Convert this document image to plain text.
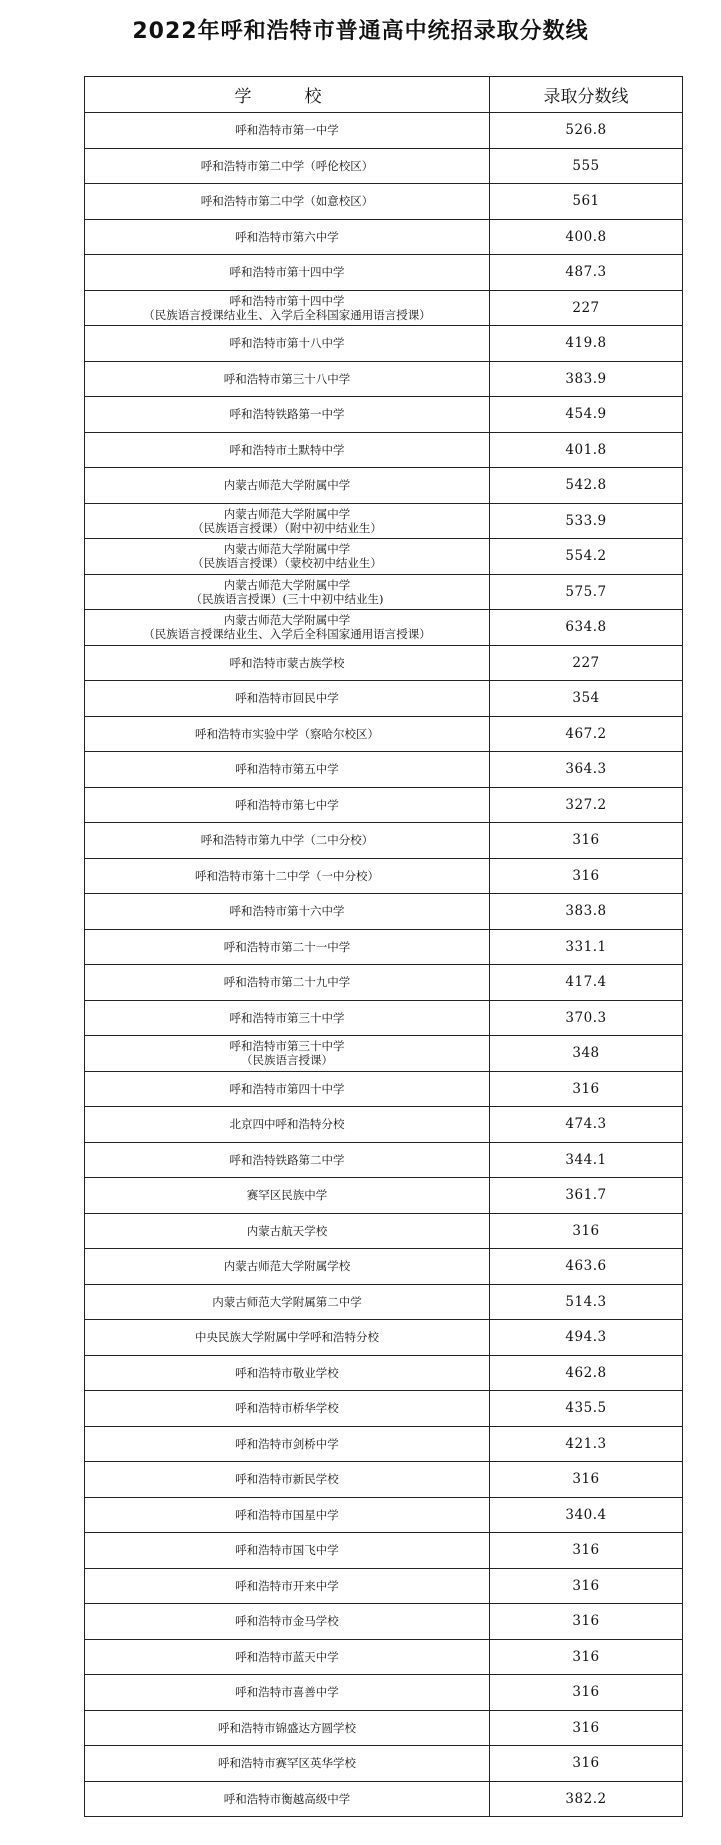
2022年呼和浩特市普通高中统招录取分数线
学　校	录取分数线
呼和浩特市第一中学	526.8
呼和浩特市第二中学（呼伦校区）	555
呼和浩特市第二中学（如意校区）	561
呼和浩特市第六中学	400.8
呼和浩特市第十四中学	487.3
呼和浩特市第十四中学
（民族语言授课结业生、入学后全科国家通用语言授课）	227
呼和浩特市第十八中学	419.8
呼和浩特市第三十八中学	383.9
呼和浩特铁路第一中学	454.9
呼和浩特市土默特中学	401.8
内蒙古师范大学附属中学	542.8
内蒙古师范大学附属中学
（民族语言授课）（附中初中结业生）	533.9
内蒙古师范大学附属中学
（民族语言授课）（蒙校初中结业生）	554.2
内蒙古师范大学附属中学
（民族语言授课）(三十中初中结业生)	575.7
内蒙古师范大学附属中学
（民族语言授课结业生、入学后全科国家通用语言授课）	634.8
呼和浩特市蒙古族学校	227
呼和浩特市回民中学	354
呼和浩特市实验中学（察哈尔校区）	467.2
呼和浩特市第五中学	364.3
呼和浩特市第七中学	327.2
呼和浩特市第九中学（二中分校）	316
呼和浩特市第十二中学（一中分校）	316
呼和浩特市第十六中学	383.8
呼和浩特市第二十一中学	331.1
呼和浩特市第二十九中学	417.4
呼和浩特市第三十中学	370.3
呼和浩特市第三十中学
（民族语言授课）	348
呼和浩特市第四十中学	316
北京四中呼和浩特分校	474.3
呼和浩特铁路第二中学	344.1
赛罕区民族中学	361.7
内蒙古航天学校	316
内蒙古师范大学附属学校	463.6
内蒙古师范大学附属第二中学	514.3
中央民族大学附属中学呼和浩特分校	494.3
呼和浩特市敬业学校	462.8
呼和浩特市桥华学校	435.5
呼和浩特市剑桥中学	421.3
呼和浩特市新民学校	316
呼和浩特市国星中学	340.4
呼和浩特市国飞中学	316
呼和浩特市开来中学	316
呼和浩特市金马学校	316
呼和浩特市蓝天中学	316
呼和浩特市喜善中学	316
呼和浩特市锦盛达方圆学校	316
呼和浩特市赛罕区英华学校	316
呼和浩特市衡越高级中学	382.2
